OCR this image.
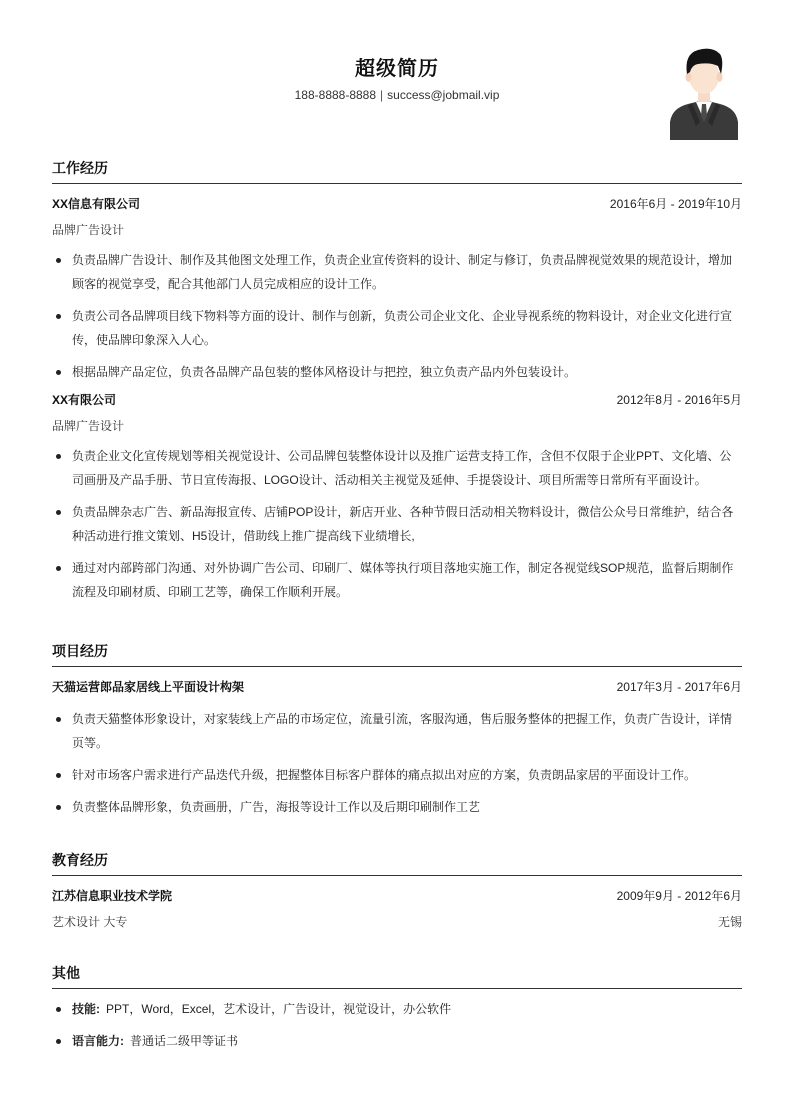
超级简历
188-8888-8888 | success@jobmail.vip
工作经历
XX信息有限公司	2016年6月 - 2019年10月
品牌广告设计
负责品牌广告设计、制作及其他图文处理工作，负责企业宣传资料的设计、制定与修订，负责品牌视觉效果的规范设计，增加顾客的视觉享受，配合其他部门人员完成相应的设计工作。
负责公司各品牌项目线下物料等方面的设计、制作与创新，负责公司企业文化、企业导视系统的物料设计，对企业文化进行宣传，使品牌印象深入人心。
根据品牌产品定位，负责各品牌产品包装的整体风格设计与把控，独立负责产品内外包装设计。
XX有限公司	2012年8月 - 2016年5月
品牌广告设计
负责企业文化宣传规划等相关视觉设计、公司品牌包装整体设计以及推广运营支持工作，含但不仅限于企业PPT、文化墙、公司画册及产品手册、节日宣传海报、LOGO设计、活动相关主视觉及延伸、手提袋设计、项目所需等日常所有平面设计。
负责品牌杂志广告、新品海报宣传、店铺POP设计，新店开业、各种节假日活动相关物料设计，微信公众号日常维护，结合各种活动进行推文策划、H5设计，借助线上推广提高线下业绩增长,
通过对内部跨部门沟通、对外协调广告公司、印刷厂、媒体等执行项目落地实施工作，制定各视觉线SOP规范，监督后期制作流程及印刷材质、印刷工艺等，确保工作顺利开展。
项目经历
天猫运营郎品家居线上平面设计构架	2017年3月 - 2017年6月
负责天猫整体形象设计，对家装线上产品的市场定位，流量引流，客服沟通，售后服务整体的把握工作，负责广告设计，详情页等。
针对市场客户需求进行产品迭代升级，把握整体目标客户群体的痛点拟出对应的方案，负责朗品家居的平面设计工作。
负责整体品牌形象，负责画册，广告，海报等设计工作以及后期印刷制作工艺
教育经历
江苏信息职业技术学院	2009年9月 - 2012年6月
艺术设计 大专	无锡
其他
技能: PPT，Word，Excel，艺术设计，广告设计，视觉设计，办公软件
语言能力: 普通话二级甲等证书
